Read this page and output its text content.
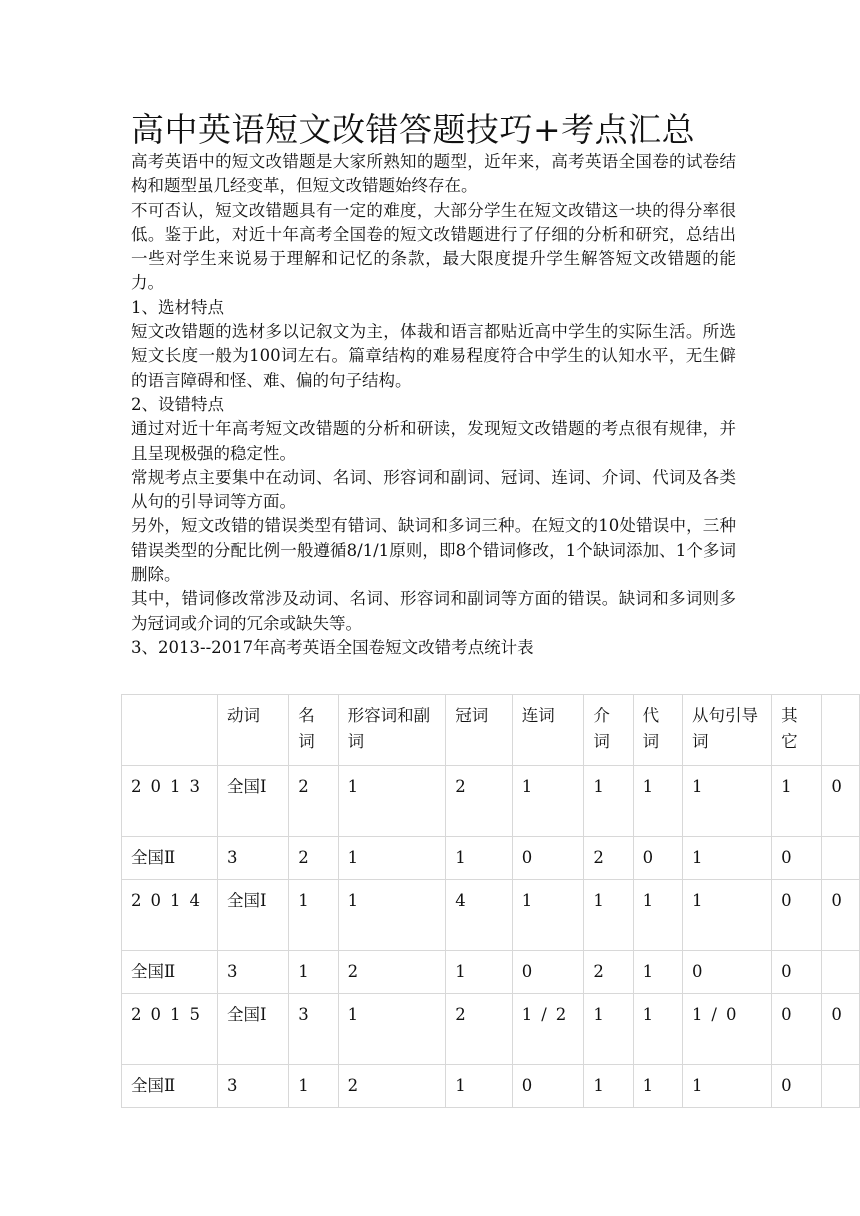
高中英语短文改错答题技巧+考点汇总

高考英语中的短文改错题是大家所熟知的题型，近年来，高考英语全国卷的试卷结构和题型虽几经变革，但短文改错题始终存在。

不可否认，短文改错题具有一定的难度，大部分学生在短文改错这一块的得分率很低。鉴于此，对近十年高考全国卷的短文改错题进行了仔细的分析和研究，总结出一些对学生来说易于理解和记忆的条款，最大限度提升学生解答短文改错题的能力。

1、选材特点

短文改错题的选材多以记叙文为主，体裁和语言都贴近高中学生的实际生活。所选短文长度一般为100词左右。篇章结构的难易程度符合中学生的认知水平，无生僻的语言障碍和怪、难、偏的句子结构。

2、设错特点

通过对近十年高考短文改错题的分析和研读，发现短文改错题的考点很有规律，并且呈现极强的稳定性。

常规考点主要集中在动词、名词、形容词和副词、冠词、连词、介词、代词及各类从句的引导词等方面。

另外，短文改错的错误类型有错词、缺词和多词三种。在短文的10处错误中，三种错误类型的分配比例一般遵循8/1/1原则，即8个错词修改，1个缺词添加、1个多词删除。

其中，错词修改常涉及动词、名词、形容词和副词等方面的错误。缺词和多词则多为冠词或介词的冗余或缺失等。

3、2013--2017年高考英语全国卷短文改错考点统计表

	动词	名词	形容词和副词	冠词	连词	介词	代词	从句引导词	其它	
2013	全国Ⅰ	2	1	2	1	1	1	1	1	0
全国Ⅱ	3	2	1	1	0	2	0	1	0	
2014	全国Ⅰ	1	1	4	1	1	1	1	0	0
全国Ⅱ	3	1	2	1	0	2	1	0	0	
2015	全国Ⅰ	3	1	2	1/2	1	1	1/0	0	0
全国Ⅱ	3	1	2	1	0	1	1	1	0	
